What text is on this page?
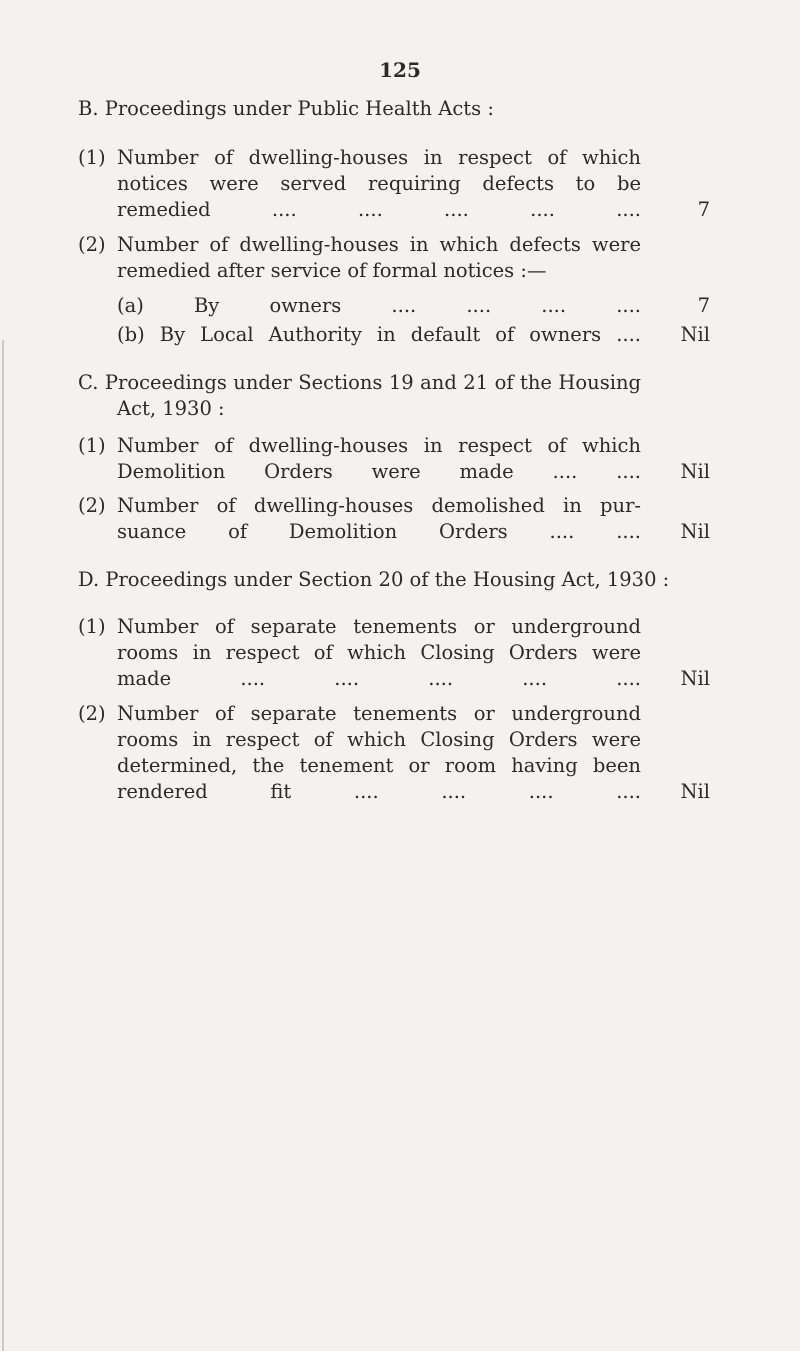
125
B. Proceedings under Public Health Acts :
(1) Number of dwelling-houses in respect of which
notices were served requiring defects to be
remedied .... .... .... .... ....	7
(2) Number of dwelling-houses in which defects were
remedied after service of formal notices :—
(a) By owners .... .... .... ....	7
(b) By Local Authority in default of owners ....	Nil
C. Proceedings under Sections 19 and 21 of the Housing
Act, 1930 :
(1) Number of dwelling-houses in respect of which
Demolition Orders were made .... ....	Nil
(2) Number of dwelling-houses demolished in pur-
suance of Demolition Orders .... ....	Nil
D. Proceedings under Section 20 of the Housing Act, 1930 :
(1) Number of separate tenements or underground
rooms in respect of which Closing Orders were
made .... .... .... .... ....	Nil
(2) Number of separate tenements or underground
rooms in respect of which Closing Orders were
determined, the tenement or room having been
rendered fit .... .... .... ....	Nil
